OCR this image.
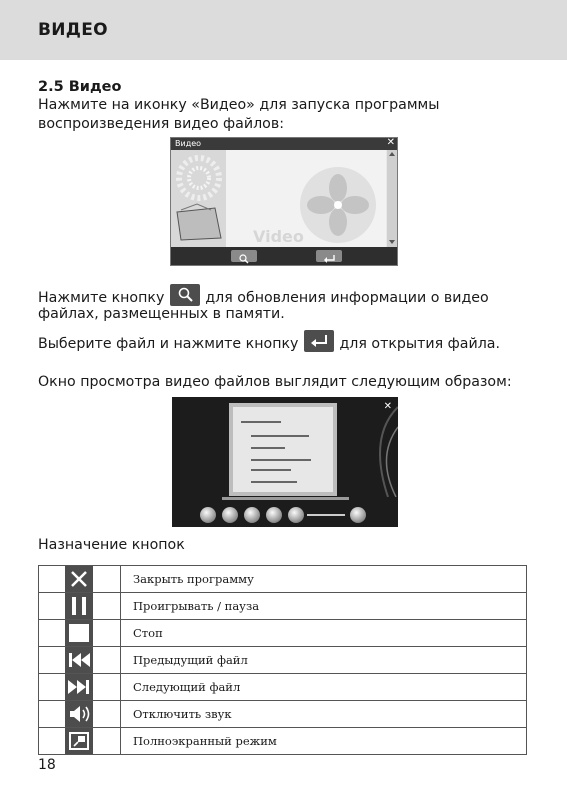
ВИДЕО
2.5 Видео
Нажмите на иконку «Видео» для запуска программы
воспроизведения видео файлов:
Видео	✕
Video
Нажмите кнопку	для обновления информации о видео
файлах, размещенных в памяти.
Выберите файл и нажмите кнопку	для открытия файла.
Окно просмотра видео файлов выглядит следующим образом:
✕
Назначение кнопок
	Закрыть программу

	Проигрывать / пауза

	Стоп

	Предыдущий файл

	Следующий файл

	Отключить звук

	Полноэкранный режим
18
